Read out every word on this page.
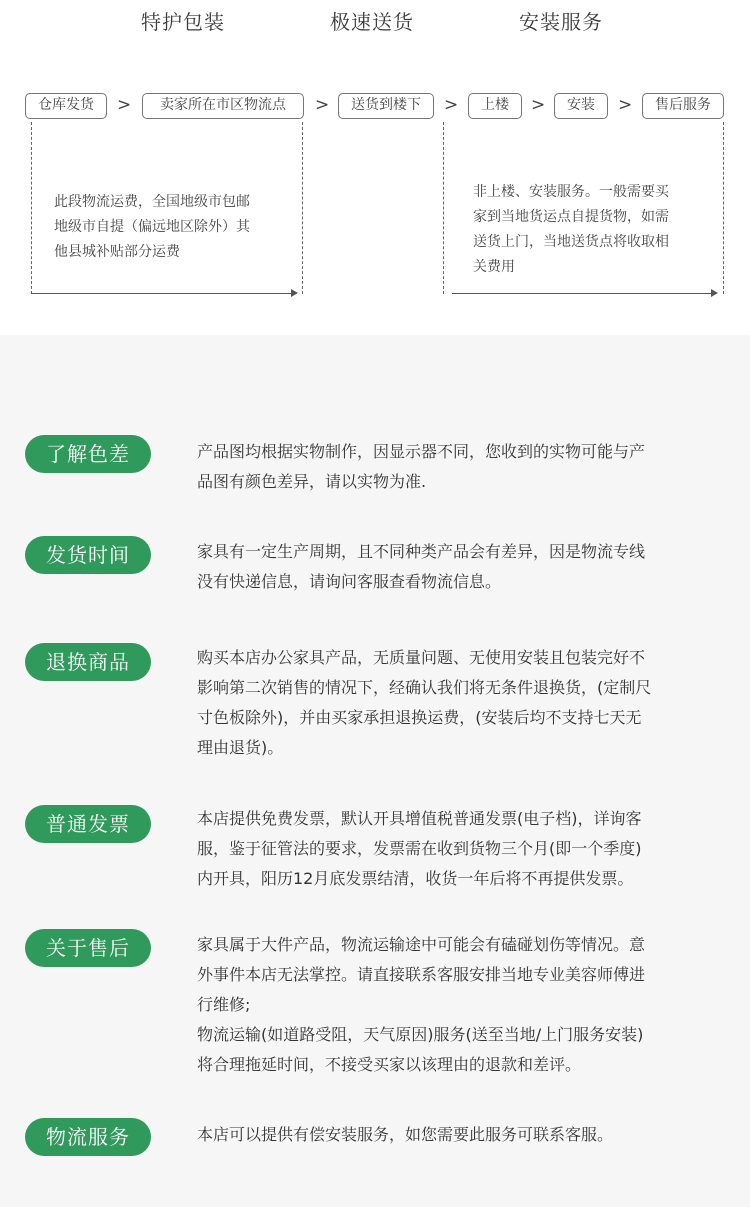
特护包装	极速送货	安装服务
仓库发货	>	卖家所在市区物流点	>	送货到楼下	>	上楼	>	安装	>	售后服务
此段物流运费，全国地级市包邮
地级市自提（偏远地区除外）其
他县城补贴部分运费
非上楼、安装服务。一般需要买
家到当地货运点自提货物，如需
送货上门，当地送货点将收取相
关费用
了解色差	产品图均根据实物制作，因显示器不同，您收到的实物可能与产
品图有颜色差异，请以实物为准.
发货时间	家具有一定生产周期，且不同种类产品会有差异，因是物流专线
没有快递信息，请询问客服查看物流信息。
退换商品	购买本店办公家具产品，无质量问题、无使用安装且包装完好不
影响第二次销售的情况下，经确认我们将无条件退换货，(定制尺
寸色板除外)，并由买家承担退换运费，(安装后均不支持七天无
理由退货)。
普通发票	本店提供免费发票，默认开具增值税普通发票(电子档)，详询客
服，鉴于征管法的要求，发票需在收到货物三个月(即一个季度)
内开具，阳历12月底发票结清，收货一年后将不再提供发票。
关于售后	家具属于大件产品，物流运输途中可能会有磕碰划伤等情况。意
外事件本店无法掌控。请直接联系客服安排当地专业美容师傅进
行维修;
物流运输(如道路受阻，天气原因)服务(送至当地/上门服务安装)
将合理拖延时间，不接受买家以该理由的退款和差评。
物流服务	本店可以提供有偿安装服务，如您需要此服务可联系客服。
